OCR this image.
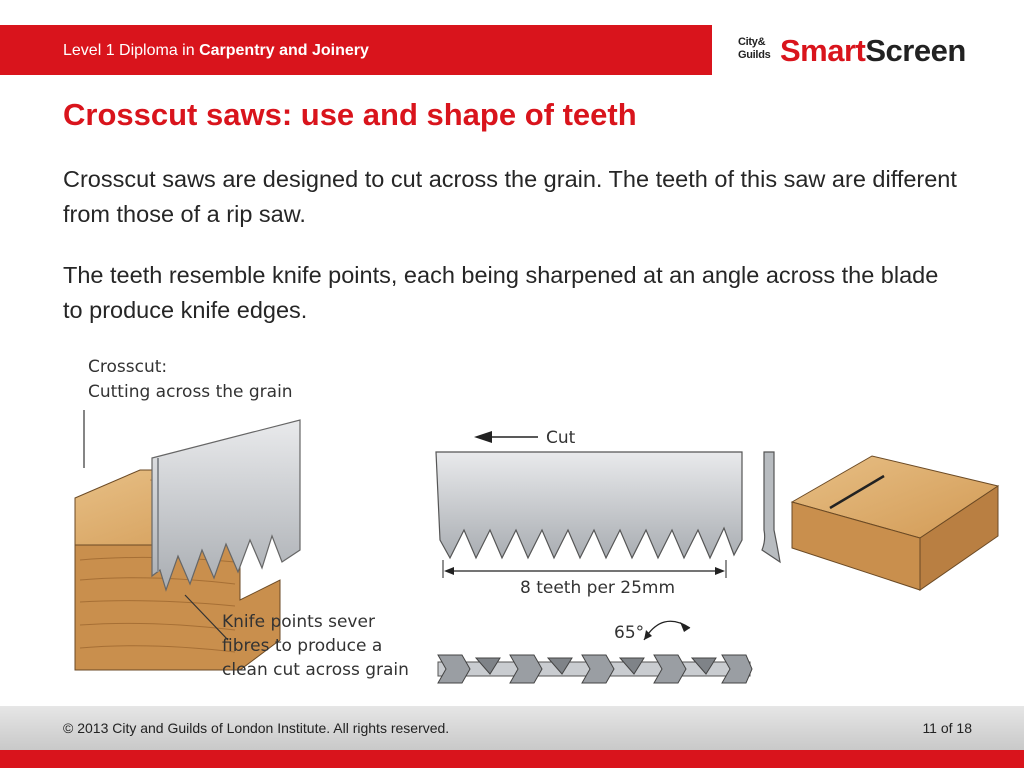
Level 1 Diploma in Carpentry and Joinery	City&
Guilds SmartScreen
Crosscut saws: use and shape of teeth
Crosscut saws are designed to cut across the grain. The teeth of this saw are different from those of a rip saw.
The teeth resemble knife points, each being sharpened at an angle across the blade to produce knife edges.
Crosscut:
Cutting across the grain
Knife points sever
fibres to produce a
clean cut across grain
Cut
8 teeth per 25mm
65°
© 2013 City and Guilds of London Institute. All rights reserved.	11 of 18
